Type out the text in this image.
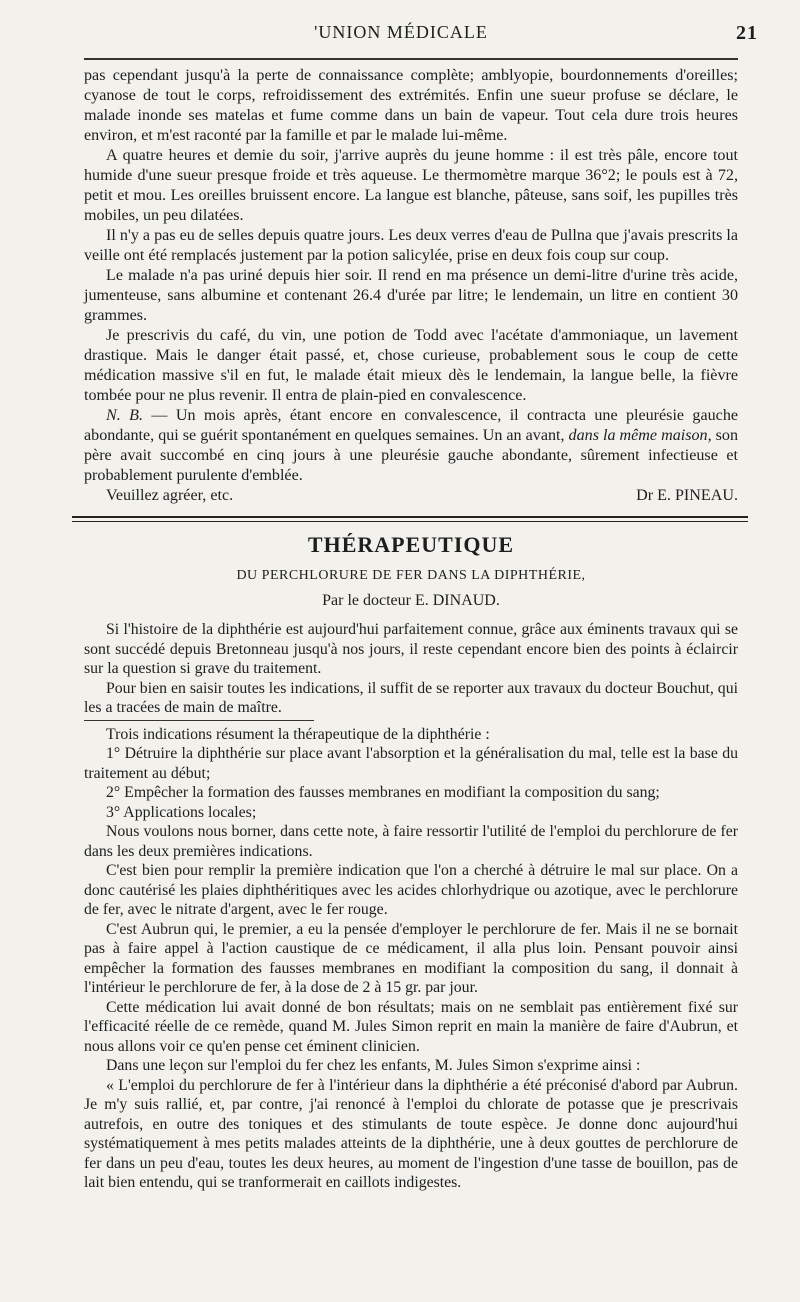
'UNION MÉDICALE	21

pas cependant jusqu'à la perte de connaissance complète; amblyopie, bourdonnements d'oreilles; cyanose de tout le corps, refroidissement des extrémités. Enfin une sueur profuse se déclare, le malade inonde ses matelas et fume comme dans un bain de vapeur. Tout cela dure trois heures environ, et m'est raconté par la famille et par le malade lui-même.

A quatre heures et demie du soir, j'arrive auprès du jeune homme : il est très pâle, encore tout humide d'une sueur presque froide et très aqueuse. Le thermomètre marque 36°2; le pouls est à 72, petit et mou. Les oreilles bruissent encore. La langue est blanche, pâteuse, sans soif, les pupilles très mobiles, un peu dilatées.

Il n'y a pas eu de selles depuis quatre jours. Les deux verres d'eau de Pullna que j'avais prescrits la veille ont été remplacés justement par la potion salicylée, prise en deux fois coup sur coup.

Le malade n'a pas uriné depuis hier soir. Il rend en ma présence un demi-litre d'urine très acide, jumenteuse, sans albumine et contenant 26.4 d'urée par litre; le lendemain, un litre en contient 30 grammes.

Je prescrivis du café, du vin, une potion de Todd avec l'acétate d'ammoniaque, un lavement drastique. Mais le danger était passé, et, chose curieuse, probablement sous le coup de cette médication massive s'il en fut, le malade était mieux dès le lendemain, la langue belle, la fièvre tombée pour ne plus revenir. Il entra de plain-pied en convalescence.

N. B. — Un mois après, étant encore en convalescence, il contracta une pleurésie gauche abondante, qui se guérit spontanément en quelques semaines. Un an avant, dans la même maison, son père avait succombé en cinq jours à une pleurésie gauche abondante, sûrement infectieuse et probablement purulente d'emblée.

Veuillez agréer, etc.	Dr E. PINEAU.
THÉRAPEUTIQUE
DU PERCHLORURE DE FER DANS LA DIPHTHÉRIE,
Par le docteur E. DINAUD.

Si l'histoire de la diphthérie est aujourd'hui parfaitement connue, grâce aux éminents travaux qui se sont succédé depuis Bretonneau jusqu'à nos jours, il reste cependant encore bien des points à éclaircir sur la question si grave du traitement.

Pour bien en saisir toutes les indications, il suffit de se reporter aux travaux du docteur Bouchut, qui les a tracées de main de maître.

Trois indications résument la thérapeutique de la diphthérie :

1° Détruire la diphthérie sur place avant l'absorption et la généralisation du mal, telle est la base du traitement au début;

2° Empêcher la formation des fausses membranes en modifiant la composition du sang;

3° Applications locales;

Nous voulons nous borner, dans cette note, à faire ressortir l'utilité de l'emploi du perchlorure de fer dans les deux premières indications.

C'est bien pour remplir la première indication que l'on a cherché à détruire le mal sur place. On a donc cautérisé les plaies diphthéritiques avec les acides chlorhydrique ou azotique, avec le perchlorure de fer, avec le nitrate d'argent, avec le fer rouge.

C'est Aubrun qui, le premier, a eu la pensée d'employer le perchlorure de fer. Mais il ne se bornait pas à faire appel à l'action caustique de ce médicament, il alla plus loin. Pensant pouvoir ainsi empêcher la formation des fausses membranes en modifiant la composition du sang, il donnait à l'intérieur le perchlorure de fer, à la dose de 2 à 15 gr. par jour.

Cette médication lui avait donné de bon résultats; mais on ne semblait pas entièrement fixé sur l'efficacité réelle de ce remède, quand M. Jules Simon reprit en main la manière de faire d'Aubrun, et nous allons voir ce qu'en pense cet éminent clinicien.

Dans une leçon sur l'emploi du fer chez les enfants, M. Jules Simon s'exprime ainsi :

« L'emploi du perchlorure de fer à l'intérieur dans la diphthérie a été préconisé d'abord par Aubrun. Je m'y suis rallié, et, par contre, j'ai renoncé à l'emploi du chlorate de potasse que je prescrivais autrefois, en outre des toniques et des stimulants de toute espèce. Je donne donc aujourd'hui systématiquement à mes petits malades atteints de la diphthérie, une à deux gouttes de perchlorure de fer dans un peu d'eau, toutes les deux heures, au moment de l'ingestion d'une tasse de bouillon, pas de lait bien entendu, qui se tranformerait en caillots indigestes.
